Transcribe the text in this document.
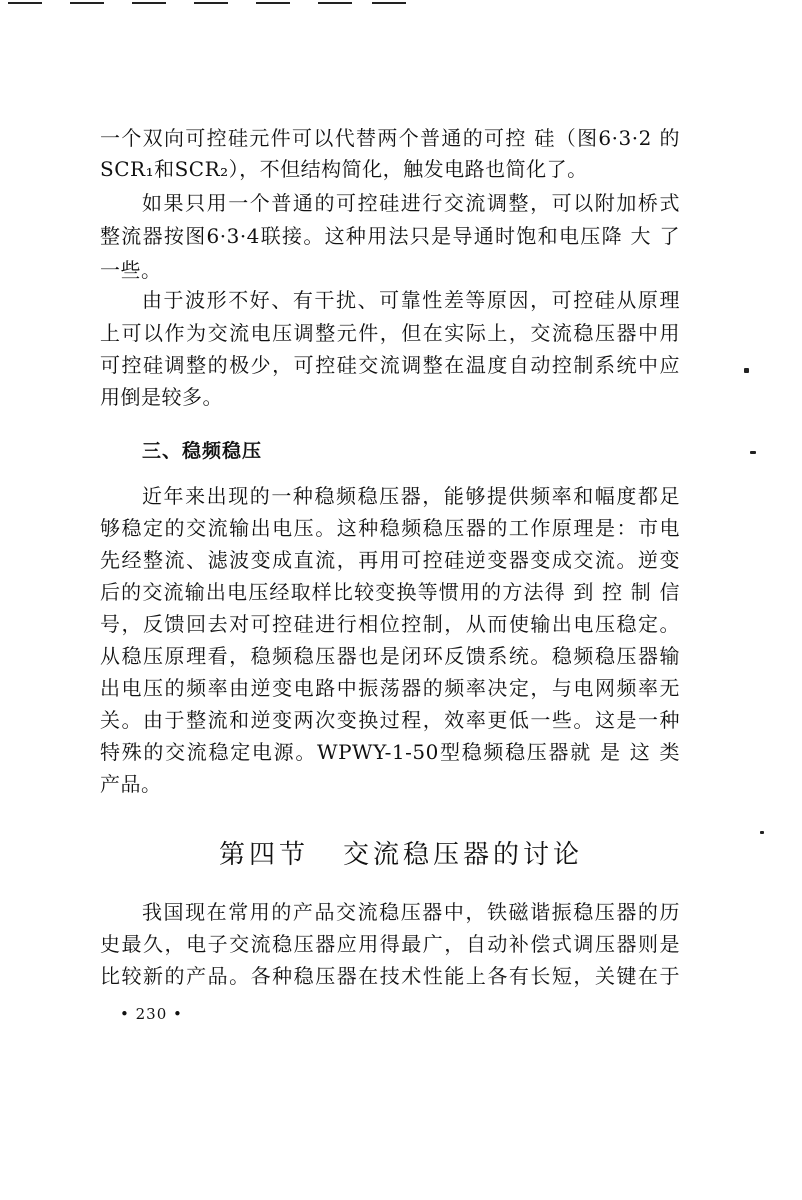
一个双向可控硅元件可以代替两个普通的可控 硅（图6·3·2 的
SCR₁和SCR₂），不但结构简化，触发电路也简化了。
如果只用一个普通的可控硅进行交流调整，可以附加桥式
整流器按图6·3·4联接。这种用法只是导通时饱和电压降 大 了
一些。
由于波形不好、有干扰、可靠性差等原因，可控硅从原理
上可以作为交流电压调整元件，但在实际上，交流稳压器中用
可控硅调整的极少，可控硅交流调整在温度自动控制系统中应
用倒是较多。
三、稳频稳压
近年来出现的一种稳频稳压器，能够提供频率和幅度都足
够稳定的交流输出电压。这种稳频稳压器的工作原理是：市电
先经整流、滤波变成直流，再用可控硅逆变器变成交流。逆变
后的交流输出电压经取样比较变换等惯用的方法得 到 控 制 信
号，反馈回去对可控硅进行相位控制，从而使输出电压稳定。
从稳压原理看，稳频稳压器也是闭环反馈系统。稳频稳压器输
出电压的频率由逆变电路中振荡器的频率决定，与电网频率无
关。由于整流和逆变两次变换过程，效率更低一些。这是一种
特殊的交流稳定电源。WPWY-1-50型稳频稳压器就 是 这 类
产品。
第四节 交流稳压器的讨论
我国现在常用的产品交流稳压器中，铁磁谐振稳压器的历
史最久，电子交流稳压器应用得最广，自动补偿式调压器则是
比较新的产品。各种稳压器在技术性能上各有长短，关键在于
• 230 •
